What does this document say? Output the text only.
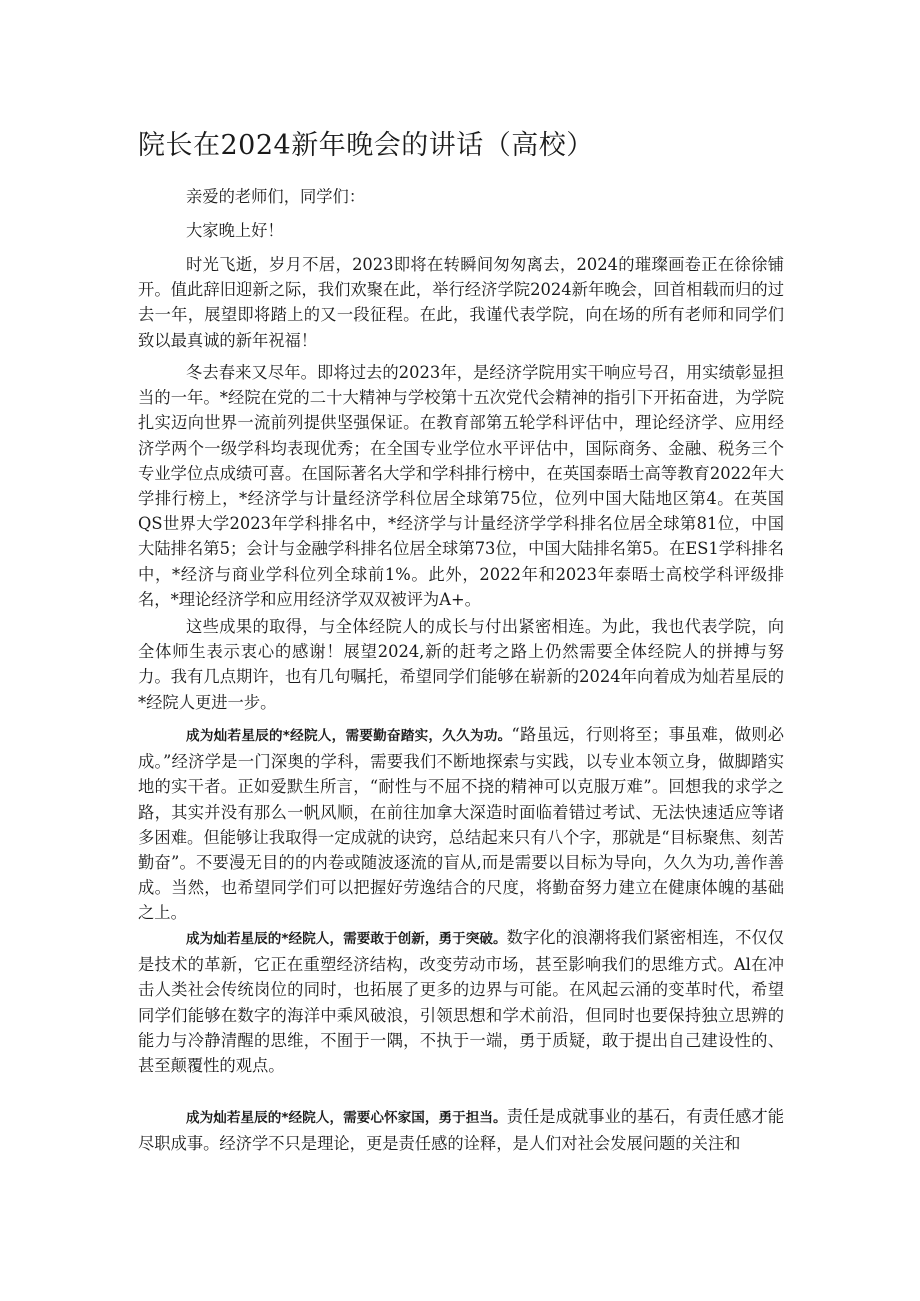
院长在2024新年晚会的讲话（高校）

亲爱的老师们，同学们：

大家晚上好！

时光飞逝，岁月不居，2023即将在转瞬间匆匆离去，2024的璀璨画卷正在徐徐铺开。值此辞旧迎新之际，我们欢聚在此，举行经济学院2024新年晚会，回首相载而归的过去一年，展望即将踏上的又一段征程。在此，我谨代表学院，向在场的所有老师和同学们致以最真诚的新年祝福！

冬去春来又尽年。即将过去的2023年，是经济学院用实干响应号召，用实绩彰显担当的一年。*经院在党的二十大精神与学校第十五次党代会精神的指引下开拓奋进，为学院扎实迈向世界一流前列提供坚强保证。在教育部第五轮学科评估中，理论经济学、应用经济学两个一级学科均表现优秀；在全国专业学位水平评估中，国际商务、金融、税务三个专业学位点成绩可喜。在国际著名大学和学科排行榜中，在英国泰晤士高等教育2022年大学排行榜上，*经济学与计量经济学科位居全球第75位，位列中国大陆地区第4。在英国QS世界大学2023年学科排名中，*经济学与计量经济学学科排名位居全球第81位，中国大陆排名第5；会计与金融学科排名位居全球第73位，中国大陆排名第5。在ES1学科排名中，*经济与商业学科位列全球前1%。此外，2022年和2023年泰晤士高校学科评级排名，*理论经济学和应用经济学双双被评为A+。

这些成果的取得，与全体经院人的成长与付出紧密相连。为此，我也代表学院，向全体师生表示衷心的感谢！展望2024,新的赶考之路上仍然需要全体经院人的拼搏与努力。我有几点期许，也有几句嘱托，希望同学们能够在崭新的2024年向着成为灿若星辰的*经院人更进一步。

成为灿若星辰的*经院人，需要勤奋踏实，久久为功。“路虽远，行则将至；事虽难，做则必成。”经济学是一门深奥的学科，需要我们不断地探索与实践，以专业本领立身，做脚踏实地的实干者。正如爱默生所言，“耐性与不屈不挠的精神可以克服万难”。回想我的求学之路，其实并没有那么一帆风顺，在前往加拿大深造时面临着错过考试、无法快速适应等诸多困难。但能够让我取得一定成就的诀窍，总结起来只有八个字，那就是“目标聚焦、刻苦勤奋”。不要漫无目的的内卷或随波逐流的盲从,而是需要以目标为导向，久久为功,善作善成。当然，也希望同学们可以把握好劳逸结合的尺度，将勤奋努力建立在健康体魄的基础之上。

成为灿若星辰的*经院人，需要敢于创新，勇于突破。数字化的浪潮将我们紧密相连，不仅仅是技术的革新，它正在重塑经济结构，改变劳动市场，甚至影响我们的思维方式。Al在冲击人类社会传统岗位的同时，也拓展了更多的边界与可能。在风起云涌的变革时代，希望同学们能够在数字的海洋中乘风破浪，引领思想和学术前沿，但同时也要保持独立思辨的能力与冷静清醒的思维，不囿于一隅，不执于一端，勇于质疑，敢于提出自己建设性的、甚至颠覆性的观点。

成为灿若星辰的*经院人，需要心怀家国，勇于担当。责任是成就事业的基石，有责任感才能尽职成事。经济学不只是理论，更是责任感的诠释，是人们对社会发展问题的关注和
